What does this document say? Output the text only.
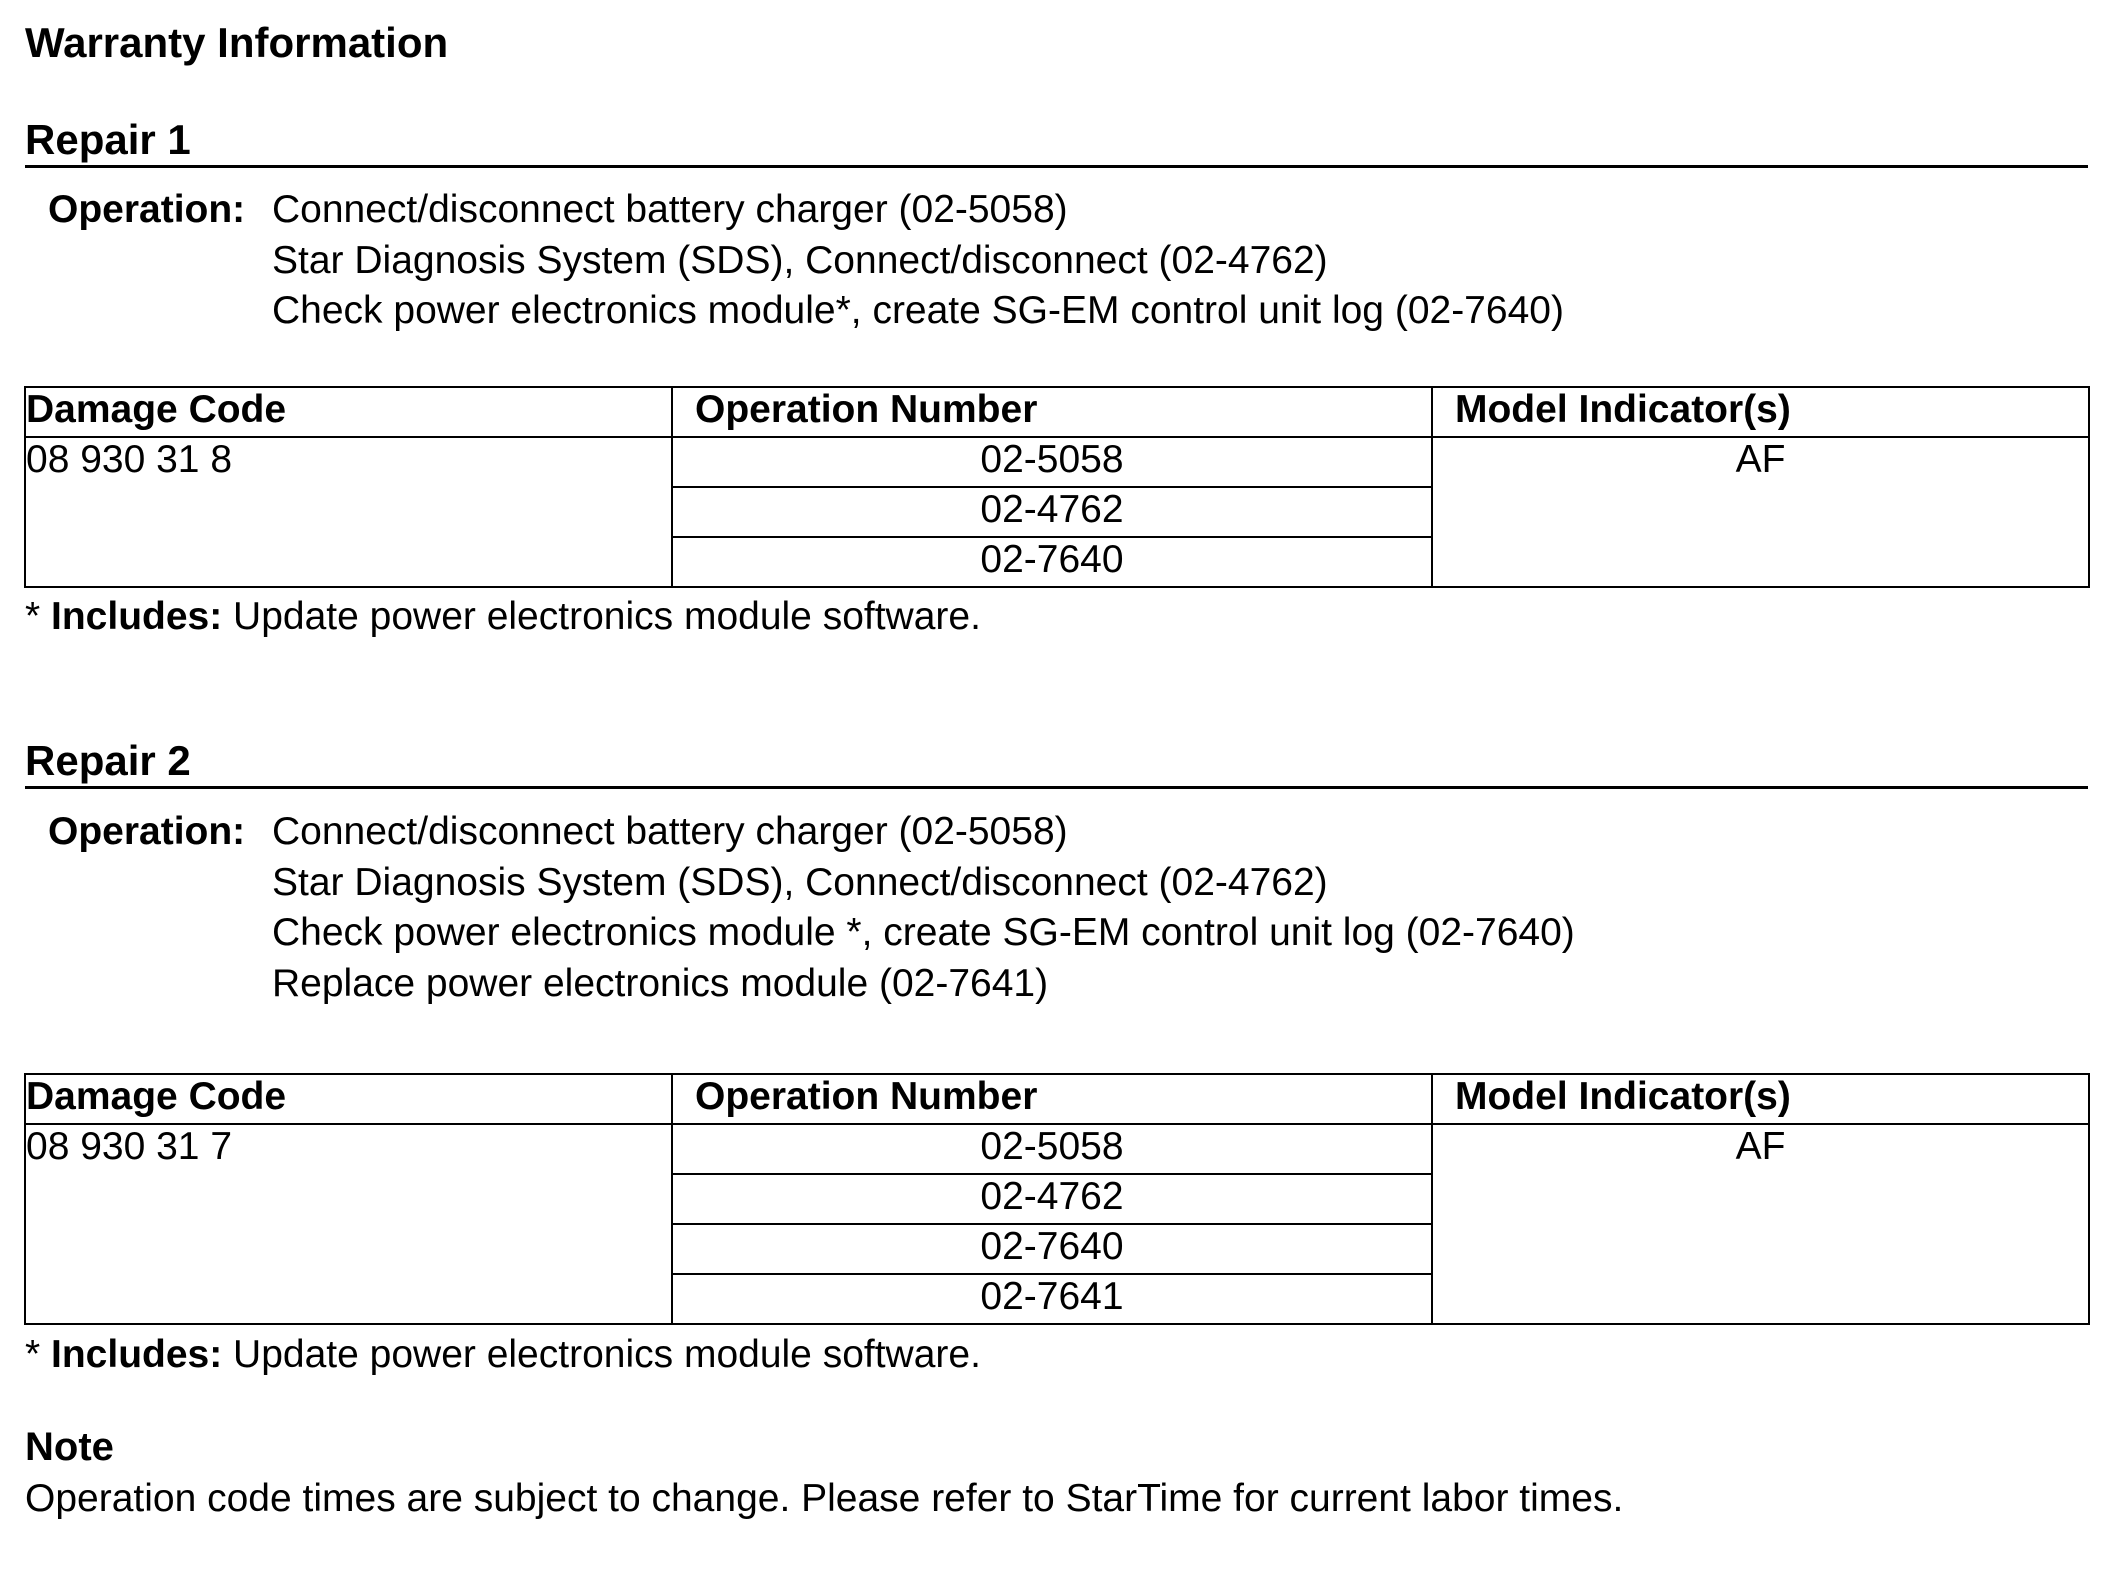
Warranty Information
Repair 1
Operation: Connect/disconnect battery charger (02-5058)
Star Diagnosis System (SDS), Connect/disconnect (02-4762)
Check power electronics module*, create SG-EM control unit log (02-7640)
Damage Code	Operation Number	Model Indicator(s)
08 930 31 8	02-5058	AF
	02-4762	
	02-7640	
* Includes: Update power electronics module software.
Repair 2
Operation: Connect/disconnect battery charger (02-5058)
Star Diagnosis System (SDS), Connect/disconnect (02-4762)
Check power electronics module *, create SG-EM control unit log (02-7640)
Replace power electronics module (02-7641)
Damage Code	Operation Number	Model Indicator(s)
08 930 31 7	02-5058	AF
	02-4762	
	02-7640	
	02-7641	
* Includes: Update power electronics module software.
Note

Operation code times are subject to change. Please refer to StarTime for current labor times.
